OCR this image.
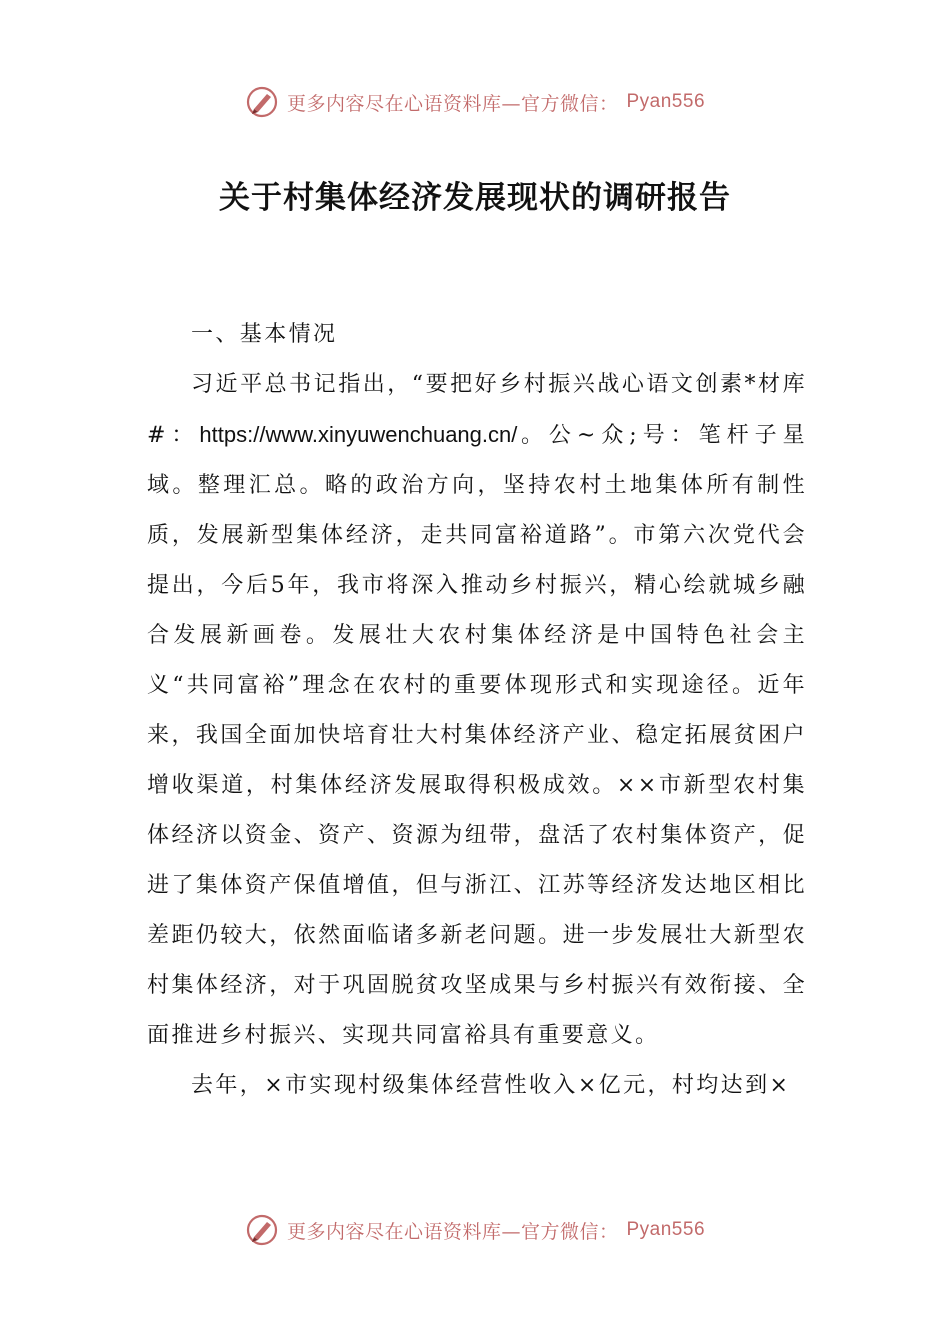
更多内容尽在心语资料库—官方微信： Pyan556
关于村集体经济发展现状的调研报告

一、基本情况

习近平总书记指出，“要把好乡村振兴战心语文创素*材库#：https://www.xinyuwenchuang.cn/。公~众;号：笔杆子星域。整理汇总。略的政治方向，坚持农村土地集体所有制性质，发展新型集体经济，走共同富裕道路”。市第六次党代会提出，今后5年，我市将深入推动乡村振兴，精心绘就城乡融合发展新画卷。发展壮大农村集体经济是中国特色社会主义“共同富裕”理念在农村的重要体现形式和实现途径。近年来，我国全面加快培育壮大村集体经济产业、稳定拓展贫困户增收渠道，村集体经济发展取得积极成效。××市新型农村集体经济以资金、资产、资源为纽带，盘活了农村集体资产，促进了集体资产保值增值，但与浙江、江苏等经济发达地区相比差距仍较大，依然面临诸多新老问题。进一步发展壮大新型农村集体经济，对于巩固脱贫攻坚成果与乡村振兴有效衔接、全面推进乡村振兴、实现共同富裕具有重要意义。

去年，×市实现村级集体经营性收入×亿元，村均达到×

更多内容尽在心语资料库—官方微信： Pyan556
